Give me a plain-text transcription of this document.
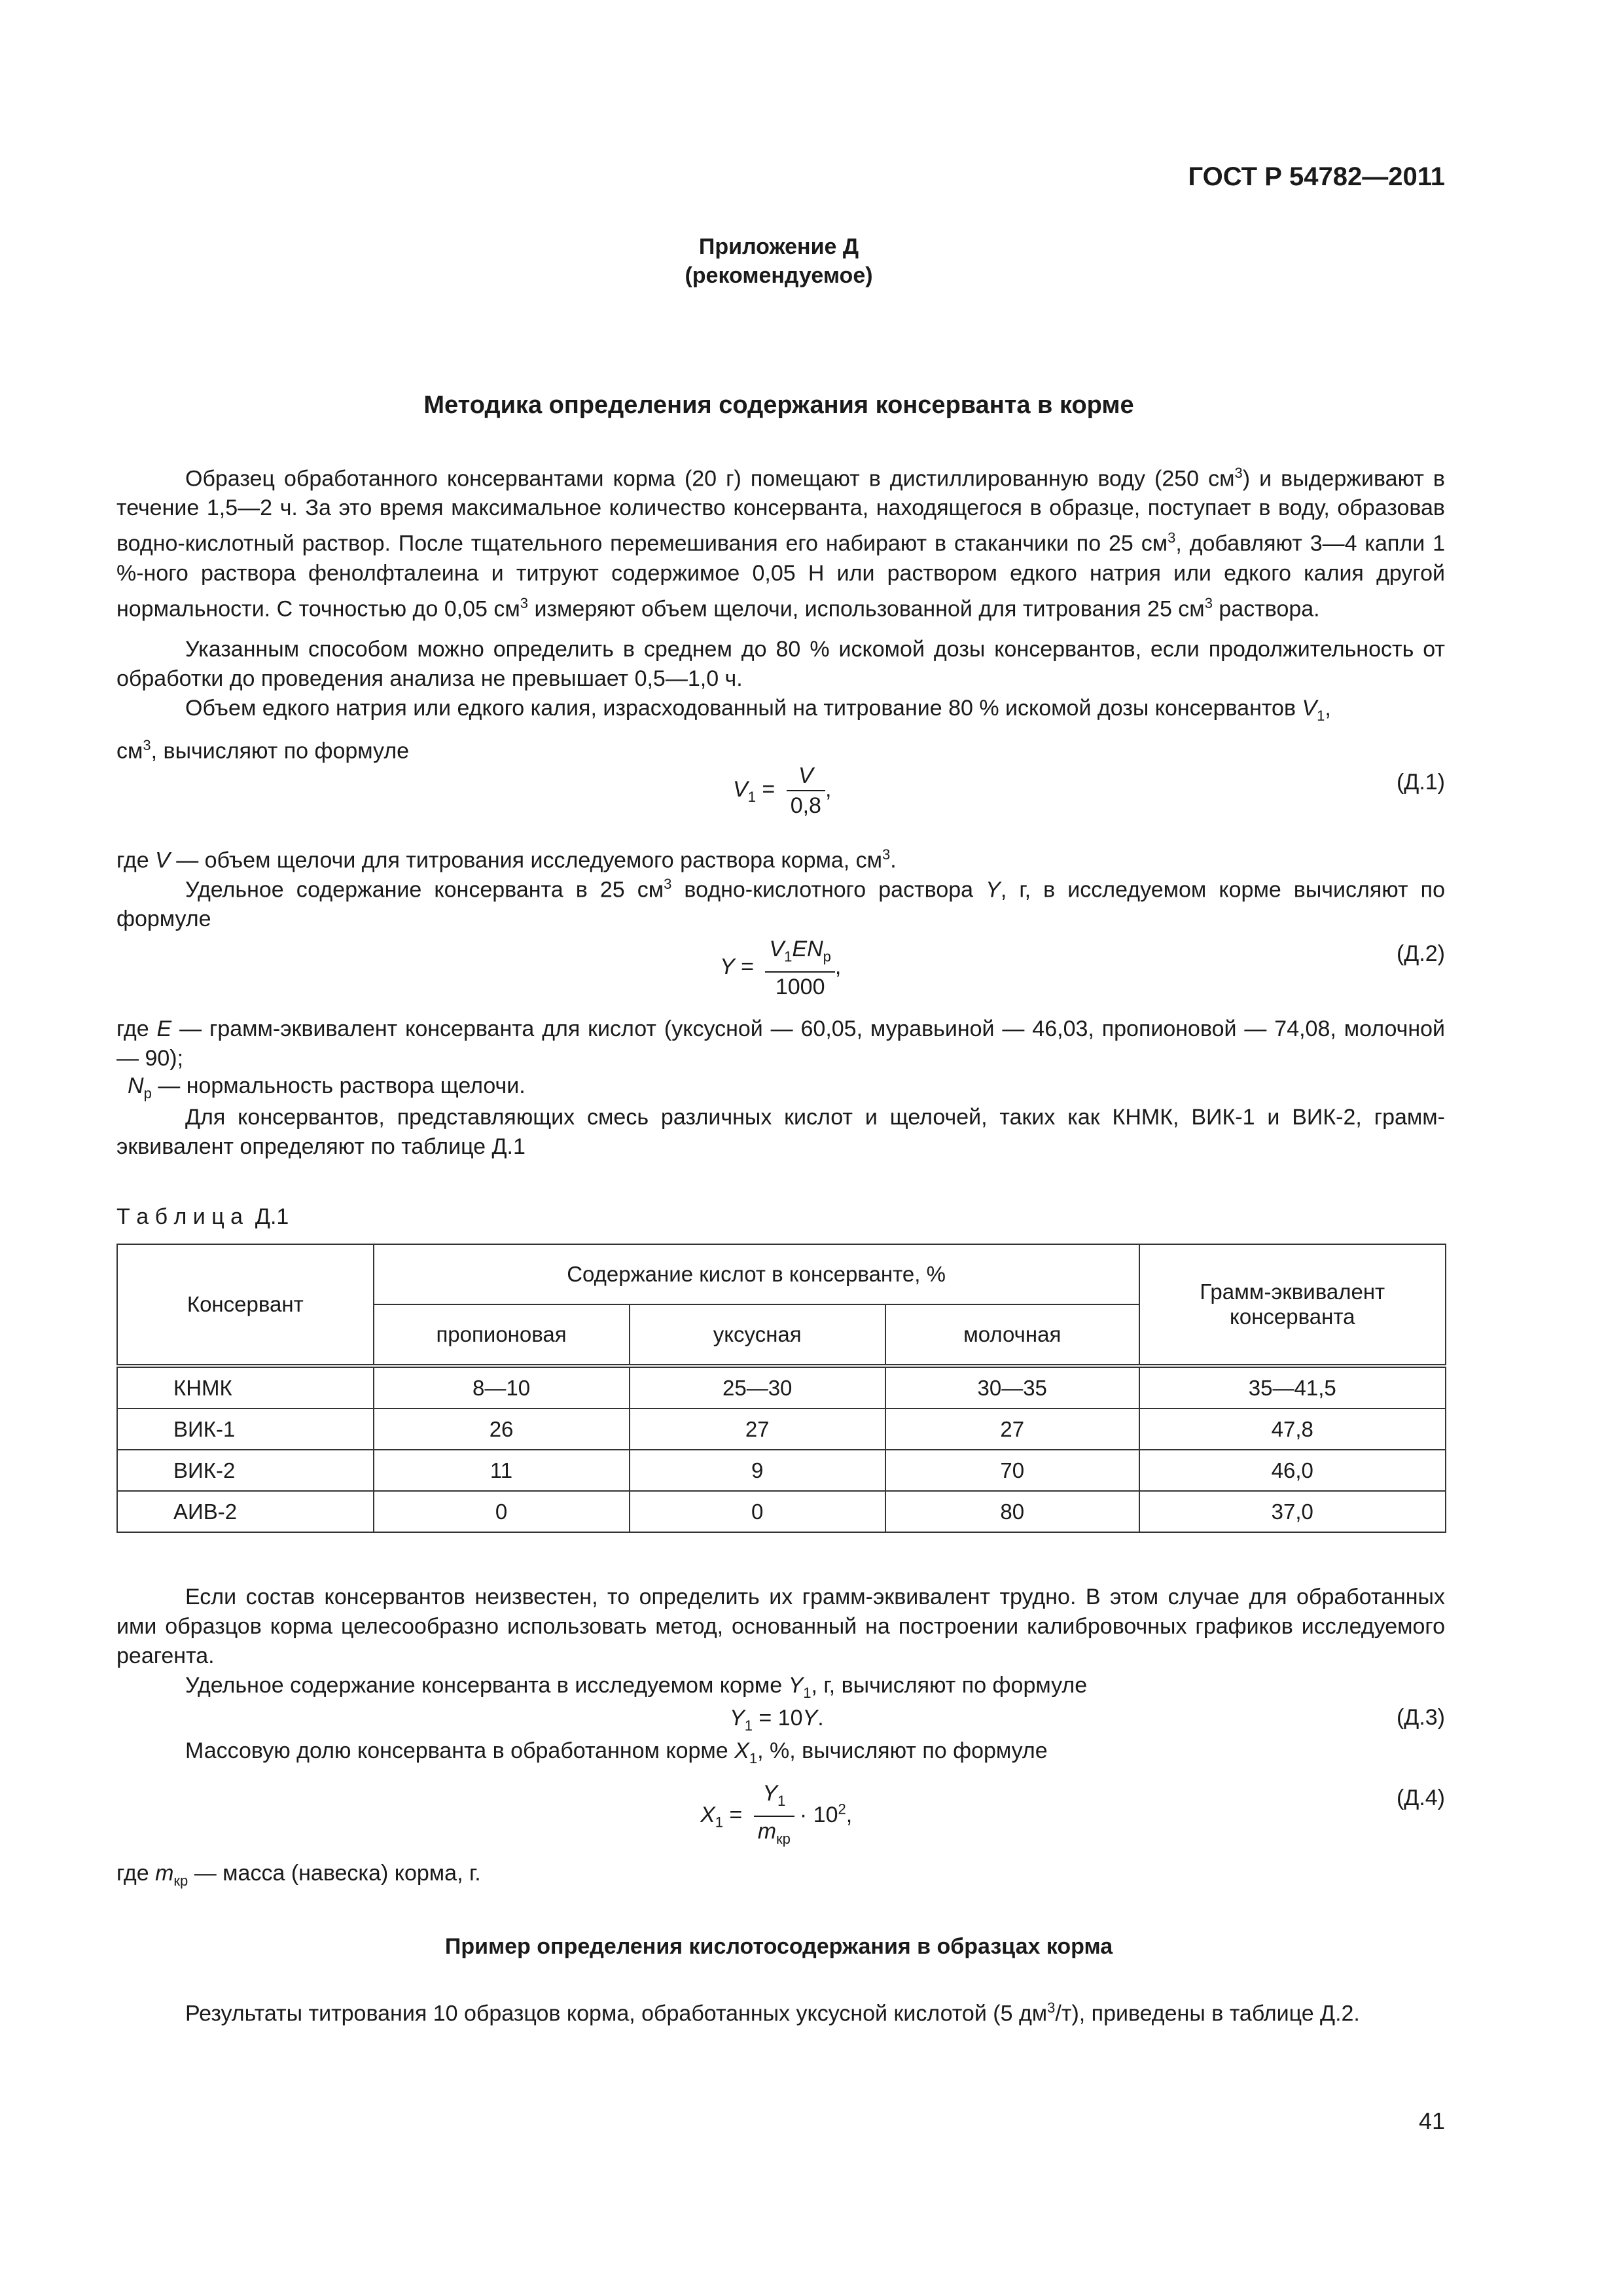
ГОСТ Р 54782—2011
Приложение Д
(рекомендуемое)
Методика определения содержания консерванта в корме

Образец обработанного консервантами корма (20 г) помещают в дистиллированную воду (250 $см^3$) и выдерживают в течение 1,5—2 ч. За это время максимальное количество консерванта, находящегося в образце, поступает в воду, образовав водно-кислотный раствор. После тщательного перемешивания его набирают в стаканчики по 25 $см^3$, добавляют 3—4 капли 1 %-ного раствора фенолфталеина и титруют содержимое 0,05 Н или раствором едкого натрия или едкого калия другой нормальности. С точностью до 0,05 $см^3$ измеряют объем щелочи, использованной для титрования 25 $см^3$ раствора.

Указанным способом можно определить в среднем до 80 % искомой дозы консервантов, если продолжительность от обработки до проведения анализа не превышает 0,5—1,0 ч.

Объем едкого натрия или едкого калия, израсходованный на титрование 80 % искомой дозы консервантов $V_1$,
$см^3$, вычисляют по формуле

$V_1 = \frac{V}{0,8}$ ,	(Д.1)

где V — объем щелочи для титрования исследуемого раствора корма, $см^3$.

Удельное содержание консерванта в 25 $см^3$ водно-кислотного раствора Y, г, в исследуемом корме вычисляют по формуле

$Y = \frac{V_1EN_р}{1000}$ ,
(Д.2)
где E — грамм-эквивалент консерванта для кислот (уксусной — 60,05, муравьиной — 46,03, пропионовой — 74,08, молочной — 90);
$N_р$ — нормальность раствора щелочи.

Для консервантов, представляющих смесь различных кислот и щелочей, таких как КНМК, ВИК-1 и ВИК-2, грамм-эквивалент определяют по таблице Д.1

Т а б л и ц а  Д.1
Консервант	Содержание кислот в консерванте, %			Грамм-эквивалент консерванта
	пропионовая	уксусная	молочная	
КНМК	8—10	25—30	30—35	35—41,5
ВИК-1	26	27	27	47,8
ВИК-2	11	9	70	46,0
АИВ-2	0	0	80	37,0

Если состав консервантов неизвестен, то определить их грамм-эквивалент трудно. В этом случае для обработанных ими образцов корма целесообразно использовать метод, основанный на построении калибровочных графиков исследуемого реагента.

Удельное содержание консерванта в исследуемом корме $Y_1$, г, вычисляют по формуле

$Y_1 = 10Y$.	(Д.3)

Массовую долю консерванта в обработанном корме $X_1$, %, вычисляют по формуле

$X_1 = \frac{Y_1}{m_{кр}} \cdot 10^2$,
(Д.4)

где $m_{кр}$ — масса (навеска) корма, г.

Пример определения кислотосодержания в образцах корма

Результаты титрования 10 образцов корма, обработанных уксусной кислотой (5 $дм^3/т$), приведены в таблице Д.2.

41
